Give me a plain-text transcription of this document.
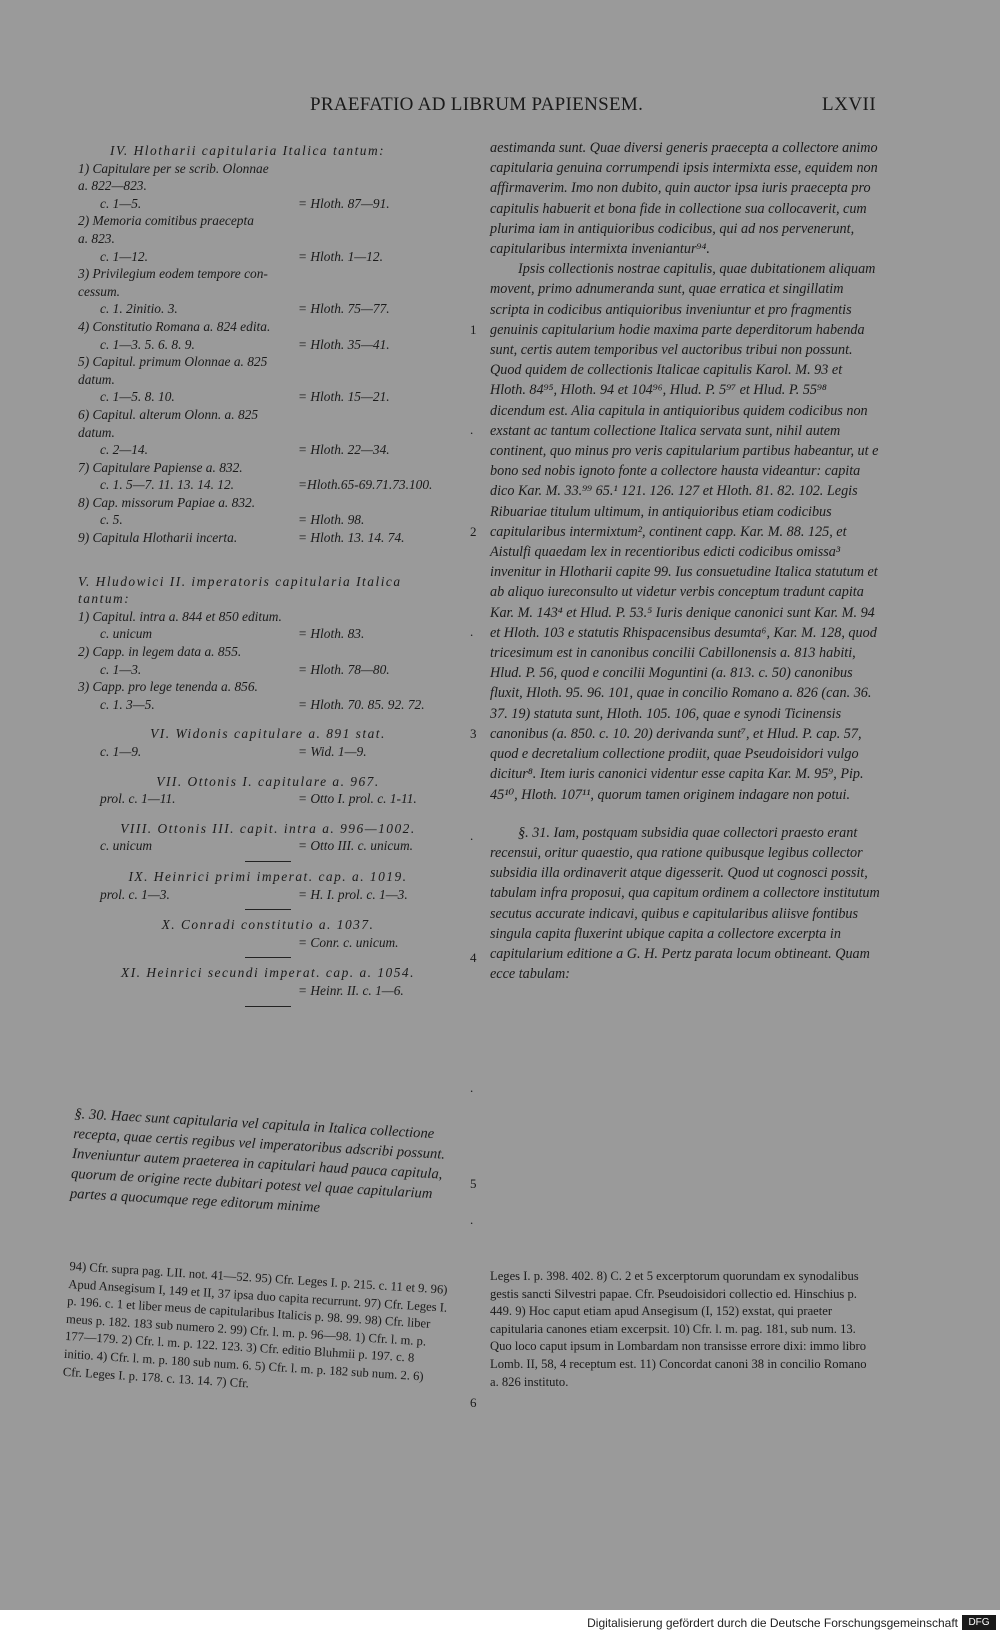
PRAEFATIO AD LIBRUM PAPIENSEM.	LXVII
IV. Hlotharii capitularia Italica tantum:
1) Capitulare per se scrib. Olonnae
a. 822—823.
c. 1—5.	= Hloth. 87—91.
2) Memoria comitibus praecepta
a. 823.
c. 1—12.	= Hloth. 1—12.
3) Privilegium eodem tempore con-
cessum.
c. 1. 2initio. 3.	= Hloth. 75—77.
4) Constitutio Romana a. 824 edita.
c. 1—3. 5. 6. 8. 9.	= Hloth. 35—41.
5) Capitul. primum Olonnae a. 825
datum.
c. 1—5. 8. 10.	= Hloth. 15—21.
6) Capitul. alterum Olonn. a. 825
datum.
c. 2—14.	= Hloth. 22—34.
7) Capitulare Papiense a. 832.
c. 1. 5—7. 11. 13. 14. 12.	=Hloth.65-69.71.73.100.
8) Cap. missorum Papiae a. 832.
c. 5.	= Hloth. 98.
9) Capitula Hlotharii incerta.	= Hloth. 13. 14. 74.
V. Hludowici II. imperatoris capitularia Italica tantum:
1) Capitul. intra a. 844 et 850 editum.
c. unicum	= Hloth. 83.
2) Capp. in legem data a. 855.
c. 1—3.	= Hloth. 78—80.
3) Capp. pro lege tenenda a. 856.
c. 1. 3—5.	= Hloth. 70. 85. 92. 72.
VI. Widonis capitulare a. 891 stat.
c. 1—9.	= Wid. 1—9.
VII. Ottonis I. capitulare a. 967.
prol. c. 1—11.	= Otto I. prol. c. 1-11.
VIII. Ottonis III. capit. intra a. 996—1002.
c. unicum	= Otto III. c. unicum.
IX. Heinrici primi imperat. cap. a. 1019.
prol. c. 1—3.	= H. I. prol. c. 1—3.
X. Conradi constitutio a. 1037.
= Conr. c. unicum.
XI. Heinrici secundi imperat. cap. a. 1054.
= Heinr. II. c. 1—6.
§. 30. Haec sunt capitularia vel capitula in Italica collectione recepta, quae certis regibus vel imperatoribus adscribi possunt. Inveniuntur autem praeterea in capitulari haud pauca capitula, quorum de origine recte dubitari potest vel quae capitularium partes a quocumque rege editorum minime
94) Cfr. supra pag. LII. not. 41—52. 95) Cfr. Leges I. p. 215. c. 11 et 9. 96) Apud Ansegisum I, 149 et II, 37 ipsa duo capita recurrunt. 97) Cfr. Leges I. p. 196. c. 1 et liber meus de capitularibus Italicis p. 98. 99. 98) Cfr. liber meus p. 182. 183 sub numero 2. 99) Cfr. l. m. p. 96—98. 1) Cfr. l. m. p. 177—179. 2) Cfr. l. m. p. 122. 123. 3) Cfr. editio Bluhmii p. 197. c. 8 initio. 4) Cfr. l. m. p. 180 sub num. 6. 5) Cfr. l. m. p. 182 sub num. 2. 6) Cfr. Leges I. p. 178. c. 13. 14. 7) Cfr.

aestimanda sunt. Quae diversi generis praecepta a collectore animo capitularia genuina corrumpendi ipsis intermixta esse, equidem non affirmaverim. Imo non dubito, quin auctor ipsa iuris praecepta pro capitulis habuerit et bona fide in collectione sua collocaverit, cum plurima iam in antiquioribus codicibus, qui ad nos pervenerunt, capitularibus intermixta inveniantur⁹⁴.

Ipsis collectionis nostrae capitulis, quae dubitationem aliquam movent, primo adnumeranda sunt, quae erratica et singillatim scripta in codicibus antiquioribus inveniuntur et pro fragmentis genuinis capitularium hodie maxima parte deperditorum habenda sunt, certis autem temporibus vel auctoribus tribui non possunt. Quod quidem de collectionis Italicae capitulis Karol. M. 93 et Hloth. 84⁹⁵, Hloth. 94 et 104⁹⁶, Hlud. P. 5⁹⁷ et Hlud. P. 55⁹⁸ dicendum est. Alia capitula in antiquioribus quidem codicibus non exstant ac tantum collectione Italica servata sunt, nihil autem continent, quo minus pro veris capitularium partibus habeantur, ut e bono sed nobis ignoto fonte a collectore hausta videantur: capita dico Kar. M. 33.⁹⁹ 65.¹ 121. 126. 127 et Hloth. 81. 82. 102. Legis Ribuariae titulum ultimum, in antiquioribus etiam codicibus capitularibus intermixtum², continent capp. Kar. M. 88. 125, et Aistulfi quaedam lex in recentioribus edicti codicibus omissa³ invenitur in Hlotharii capite 99. Ius consuetudine Italica statutum et ab aliquo iureconsulto ut videtur verbis conceptum tradunt capita Kar. M. 143⁴ et Hlud. P. 53.⁵ Iuris denique canonici sunt Kar. M. 94 et Hloth. 103 e statutis Rhispacensibus desumta⁶, Kar. M. 128, quod tricesimum est in canonibus concilii Cabillonensis a. 813 habiti, Hlud. P. 56, quod e concilii Moguntini (a. 813. c. 50) canonibus fluxit, Hloth. 95. 96. 101, quae in concilio Romano a. 826 (can. 36. 37. 19) statuta sunt, Hloth. 105. 106, quae e synodi Ticinensis canonibus (a. 850. c. 10. 20) derivanda sunt⁷, et Hlud. P. cap. 57, quod e decretalium collectione prodiit, quae Pseudoisidori vulgo dicitur⁸. Item iuris canonici videntur esse capita Kar. M. 95⁹, Pip. 45¹⁰, Hloth. 107¹¹, quorum tamen originem indagare non potui.

§. 31. Iam, postquam subsidia quae collectori praesto erant recensui, oritur quaestio, qua ratione quibusque legibus collector subsidia illa ordinaverit atque digesserit. Quod ut cognosci possit, tabulam infra proposui, qua capitum ordinem a collectore institutum secutus accurate indicavi, quibus e capitularibus aliisve fontibus singula capita fluxerint ubique capita a collectore excerpta in capitularium editione a G. H. Pertz parata locum obtineant. Quam ecce tabulam:

Leges I. p. 398. 402. 8) C. 2 et 5 excerptorum quorundam ex synodalibus gestis sancti Silvestri papae. Cfr. Pseudoisidori collectio ed. Hinschius p. 449. 9) Hoc caput etiam apud Ansegisum (I, 152) exstat, qui praeter capitularia canones etiam excerpsit. 10) Cfr. l. m. pag. 181, sub num. 13. Quo loco caput ipsum in Lombardam non transisse errore dixi: immo libro Lomb. II, 58, 4 receptum est. 11) Concordat canoni 38 in concilio Romano a. 826 instituto.
1
.
2
.
3
.
4
.
5
.
6
Digitalisierung gefördert durch die Deutsche Forschungsgemeinschaft	DFG
